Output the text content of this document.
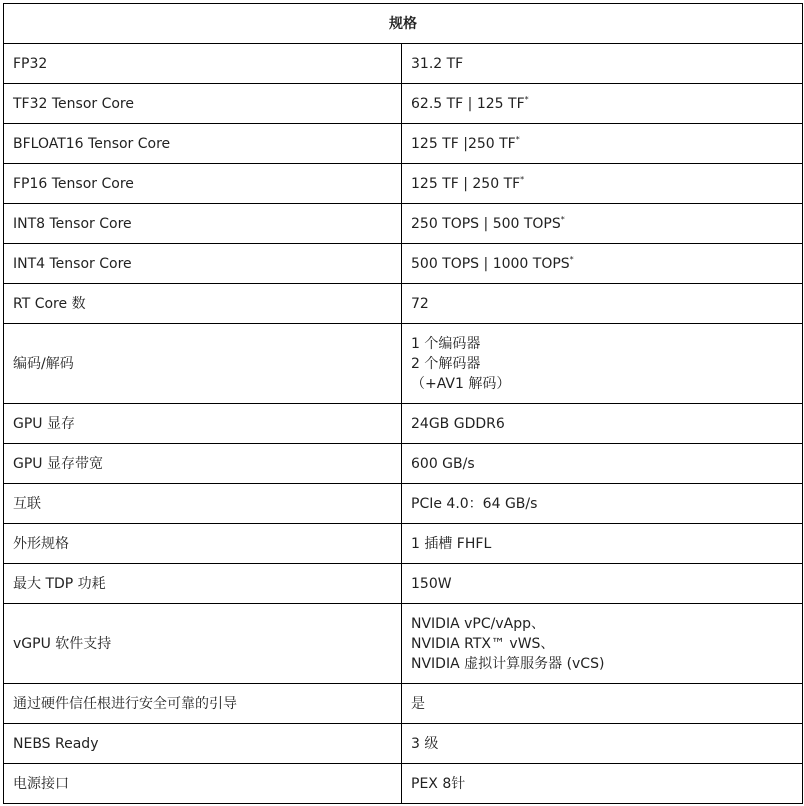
规格	
FP32	31.2 TF
TF32 Tensor Core	62.5 TF | 125 TF*
BFLOAT16 Tensor Core	125 TF |250 TF*
FP16 Tensor Core	125 TF | 250 TF*
INT8 Tensor Core	250 TOPS | 500 TOPS*
INT4 Tensor Core	500 TOPS | 1000 TOPS*
RT Core 数	72
编码/解码	1 个编码器
2 个解码器
（+AV1 解码）

GPU 显存	24GB GDDR6
GPU 显存带宽	600 GB/s
互联	PCIe 4.0：64 GB/s
外形规格	1 插槽 FHFL
最大 TDP 功耗	150W
vGPU 软件支持	NVIDIA vPC/vApp、
NVIDIA RTX™ vWS、
NVIDIA 虚拟计算服务器 (vCS)

通过硬件信任根进行安全可靠的引导	是
NEBS Ready	3 级
电源接口	PEX 8针
